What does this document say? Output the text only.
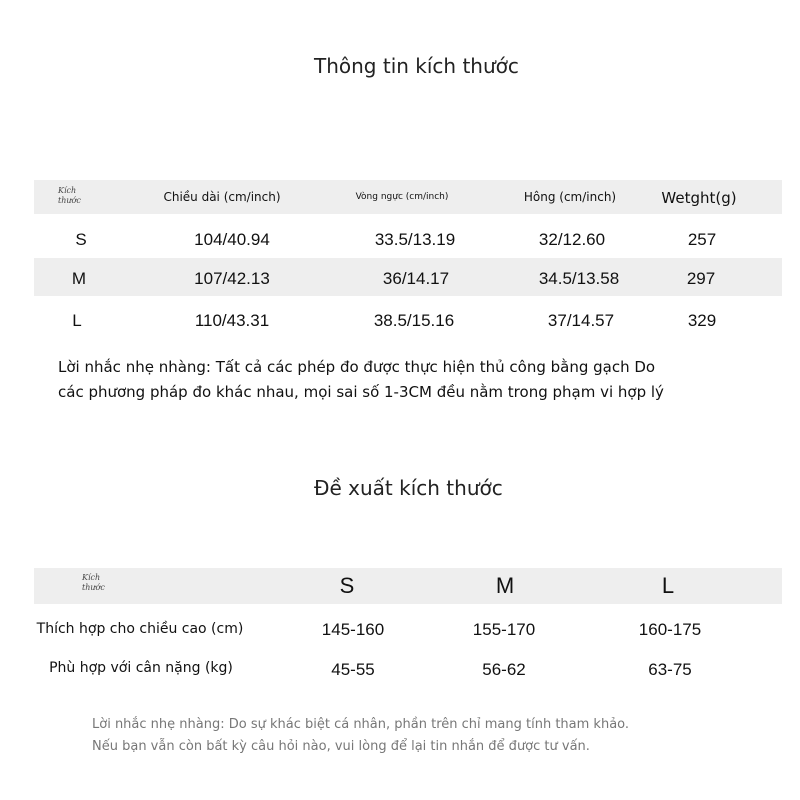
Thông tin kích thước
Kích
thước	Chiều dài (cm/inch)	Vòng ngực (cm/inch)	Hông (cm/inch)	Wetght(g)
S	104/40.94	33.5/13.19	32/12.60	257
M	107/42.13	36/14.17	34.5/13.58	297
L	110/43.31	38.5/15.16	37/14.57	329
Lời nhắc nhẹ nhàng: Tất cả các phép đo được thực hiện thủ công bằng gạch Do
các phương pháp đo khác nhau, mọi sai số 1-3CM đều nằm trong phạm vi hợp lý
Đề xuất kích thước
Kích
thước	S	M	L
Thích hợp cho chiều cao (cm)	145-160	155-170	160-175
Phù hợp với cân nặng (kg)	45-55	56-62	63-75
Lời nhắc nhẹ nhàng: Do sự khác biệt cá nhân, phần trên chỉ mang tính tham khảo.
Nếu bạn vẫn còn bất kỳ câu hỏi nào, vui lòng để lại tin nhắn để được tư vấn.
